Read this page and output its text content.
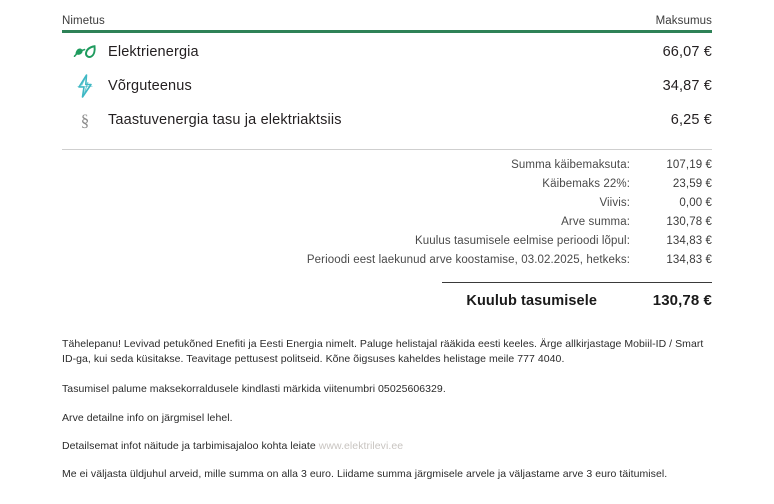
Nimetus	Maksumus
Elektrienergia	66,07 €
Võrguteenus	34,87 €
§ Taastuvenergia tasu ja elektriaktsiis	6,25 €
Summa käibemaksuta:	107,19 €
Käibemaks 22%:	23,59 €
Viivis:	0,00 €
Arve summa:	130,78 €
Kuulus tasumisele eelmise perioodi lõpul:	134,83 €
Perioodi eest laekunud arve koostamise, 03.02.2025, hetkeks:	134,83 €
Kuulub tasumisele	130,78 €

Tähelepanu! Levivad petukõned Enefiti ja Eesti Energia nimelt. Paluge helistajal rääkida eesti keeles. Ärge allkirjastage Mobiil-ID / Smart ID-ga, kui seda küsitakse. Teavitage pettusest politseid. Kõne õigsuses kaheldes helistage meile 777 4040.

Tasumisel palume maksekorraldusele kindlasti märkida viitenumbri 05025606329.

Arve detailne info on järgmisel lehel.

Detailsemat infot näitude ja tarbimisajaloo kohta leiate www.elektrilevi.ee

Me ei väljasta üldjuhul arveid, mille summa on alla 3 euro. Liidame summa järgmisele arvele ja väljastame arve 3 euro täitumisel.
